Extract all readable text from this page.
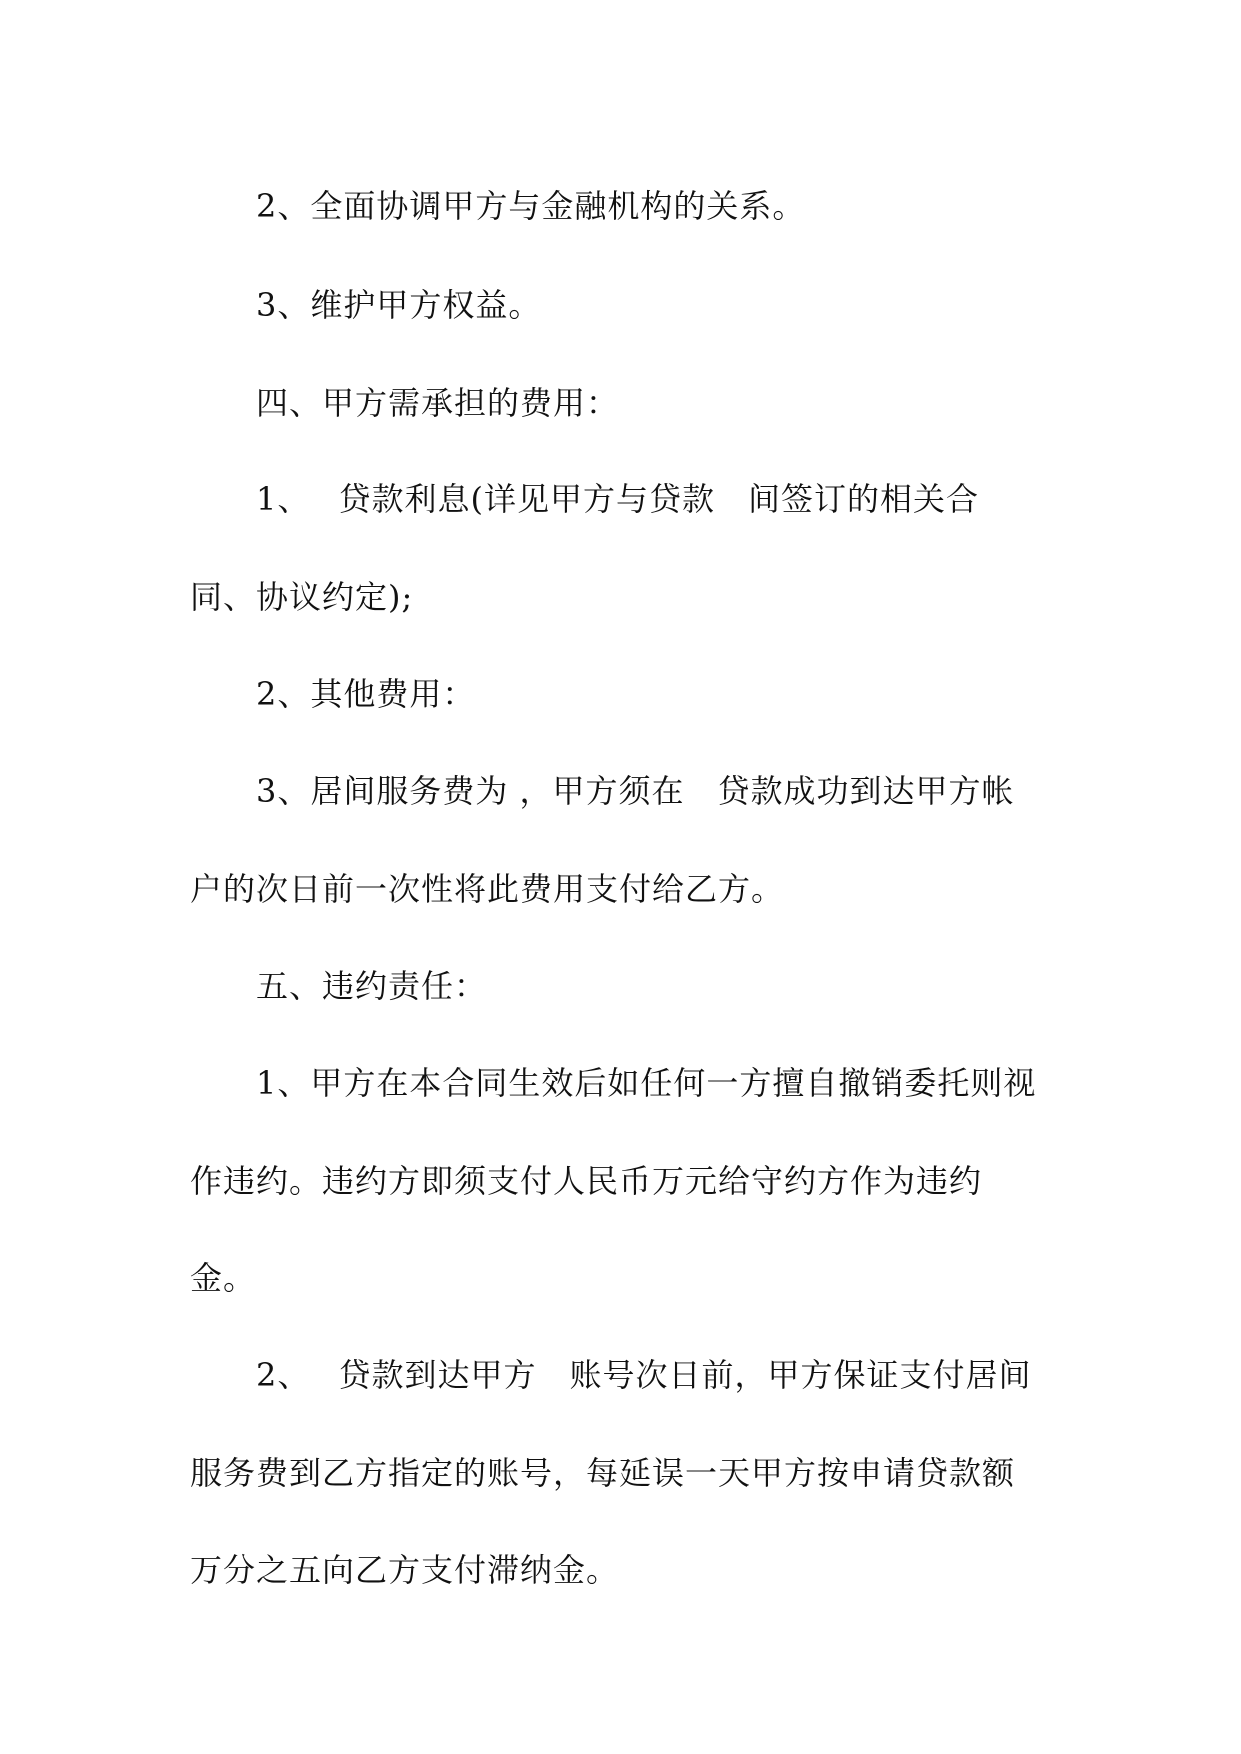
2、全面协调甲方与金融机构的关系。
3、维护甲方权益。
四、甲方需承担的费用：
1、　 贷款利息(详见甲方与贷款　间签订的相关合
同、协议约定);
2、其他费用：
3、居间服务费为 ，甲方须在　贷款成功到达甲方帐
户的次日前一次性将此费用支付给乙方。
五、违约责任：
1、甲方在本合同生效后如任何一方擅自撤销委托则视
作违约。违约方即须支付人民币万元给守约方作为违约
金。
2、　 贷款到达甲方　账号次日前，甲方保证支付居间
服务费到乙方指定的账号，每延误一天甲方按申请贷款额
万分之五向乙方支付滞纳金。
